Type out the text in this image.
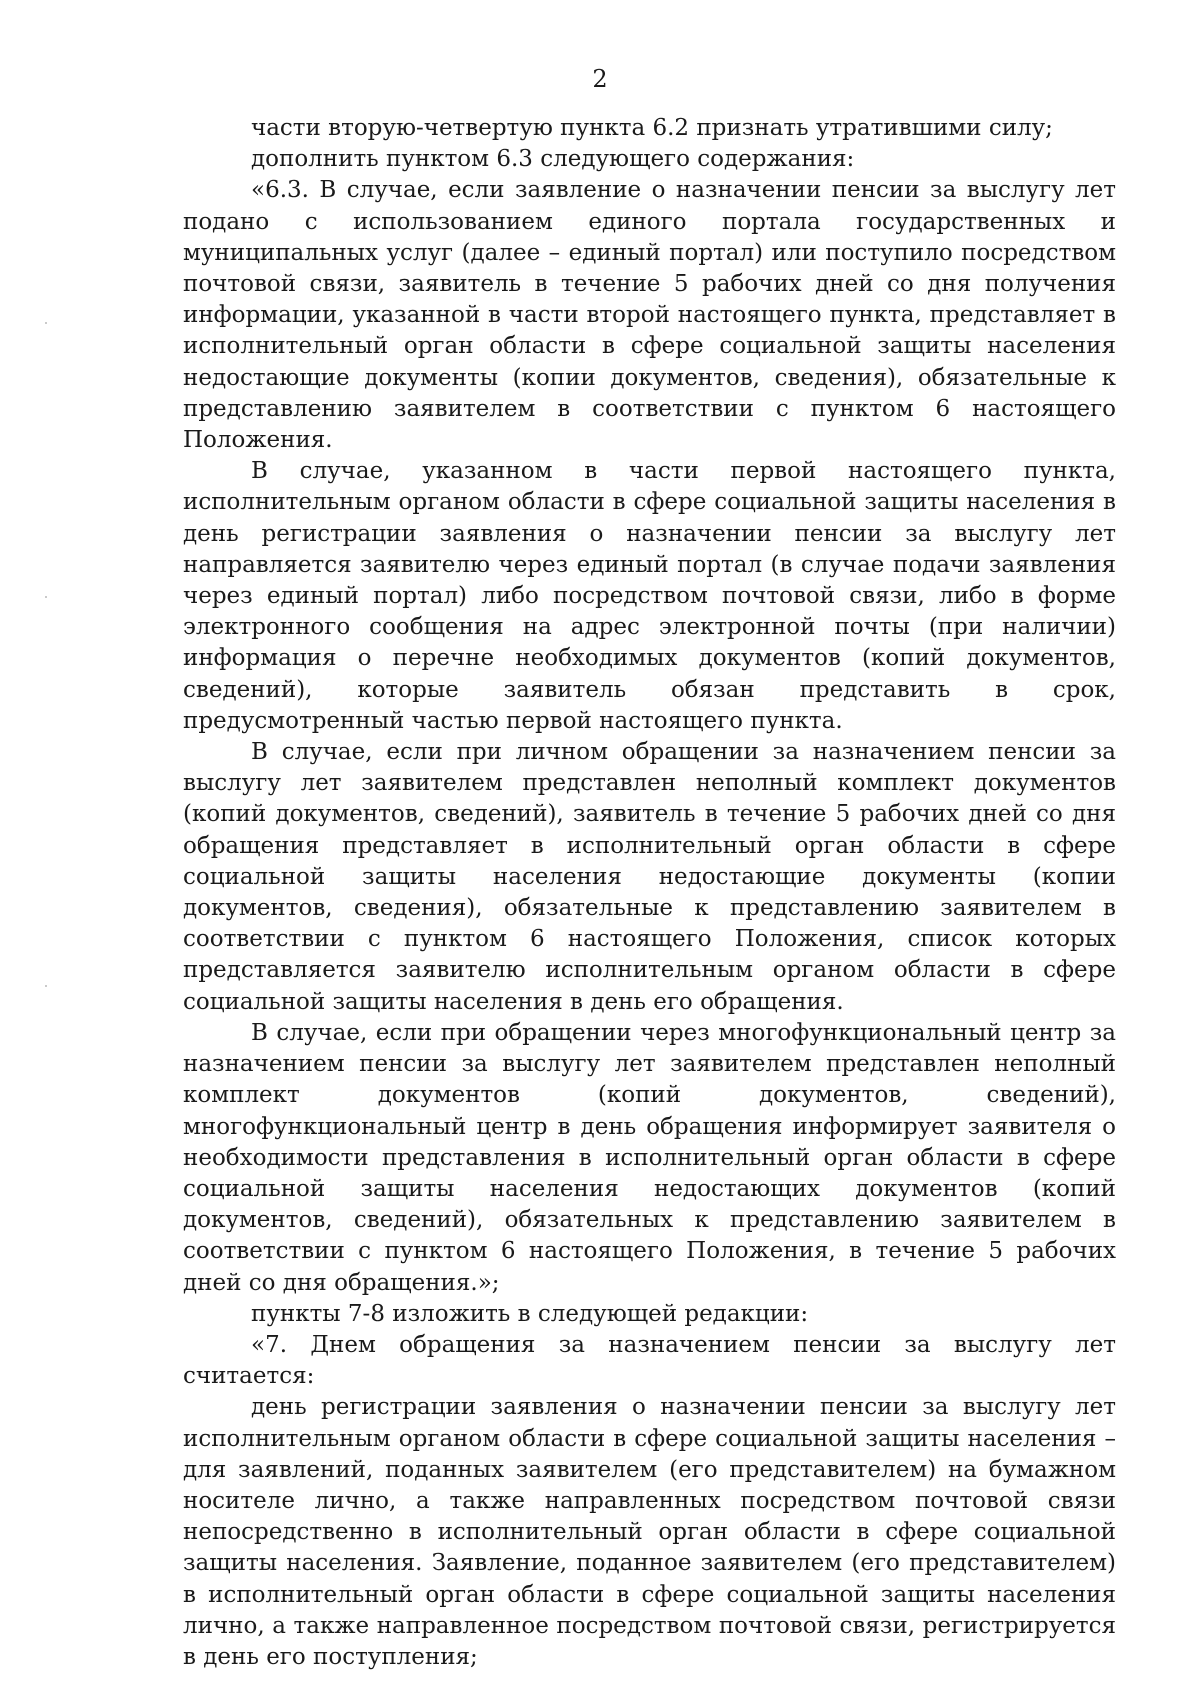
2

части вторую-четвертую пункта 6.2 признать утратившими силу;

дополнить пунктом 6.3 следующего содержания:

«6.3. В случае, если заявление о назначении пенсии за выслугу лет подано с использованием единого портала государственных и муниципальных услуг (далее – единый портал) или поступило посредством почтовой связи, заявитель в течение 5 рабочих дней со дня получения информации, указанной в части второй настоящего пункта, представляет в исполнительный орган области в сфере социальной защиты населения недостающие документы (копии документов, сведения), обязательные к представлению заявителем в соответствии с пунктом 6 настоящего Положения.

В случае, указанном в части первой настоящего пункта, исполнительным органом области в сфере социальной защиты населения в день регистрации заявления о назначении пенсии за выслугу лет направляется заявителю через единый портал (в случае подачи заявления через единый портал) либо посредством почтовой связи, либо в форме электронного сообщения на адрес электронной почты (при наличии) информация о перечне необходимых документов (копий документов, сведений), которые заявитель обязан представить в срок, предусмотренный частью первой настоящего пункта.

В случае, если при личном обращении за назначением пенсии за выслугу лет заявителем представлен неполный комплект документов (копий документов, сведений), заявитель в течение 5 рабочих дней со дня обращения представляет в исполнительный орган области в сфере социальной защиты населения недостающие документы (копии документов, сведения), обязательные к представлению заявителем в соответствии с пунктом 6 настоящего Положения, список которых представляется заявителю исполнительным органом области в сфере социальной защиты населения в день его обращения.

В случае, если при обращении через многофункциональный центр за назначением пенсии за выслугу лет заявителем представлен неполный комплект документов (копий документов, сведений), многофункциональный центр в день обращения информирует заявителя о необходимости представления в исполнительный орган области в сфере социальной защиты населения недостающих документов (копий документов, сведений), обязательных к представлению заявителем в соответствии с пунктом 6 настоящего Положения, в течение 5 рабочих дней со дня обращения.»;

пункты 7-8 изложить в следующей редакции:

«7. Днем обращения за назначением пенсии за выслугу лет считается:

день регистрации заявления о назначении пенсии за выслугу лет исполнительным органом области в сфере социальной защиты населения – для заявлений, поданных заявителем (его представителем) на бумажном носителе лично, а также направленных посредством почтовой связи непосредственно в исполнительный орган области в сфере социальной защиты населения. Заявление, поданное заявителем (его представителем) в исполнительный орган области в сфере социальной защиты населения лично, а также направленное посредством почтовой связи, регистрируется в день его поступления;
